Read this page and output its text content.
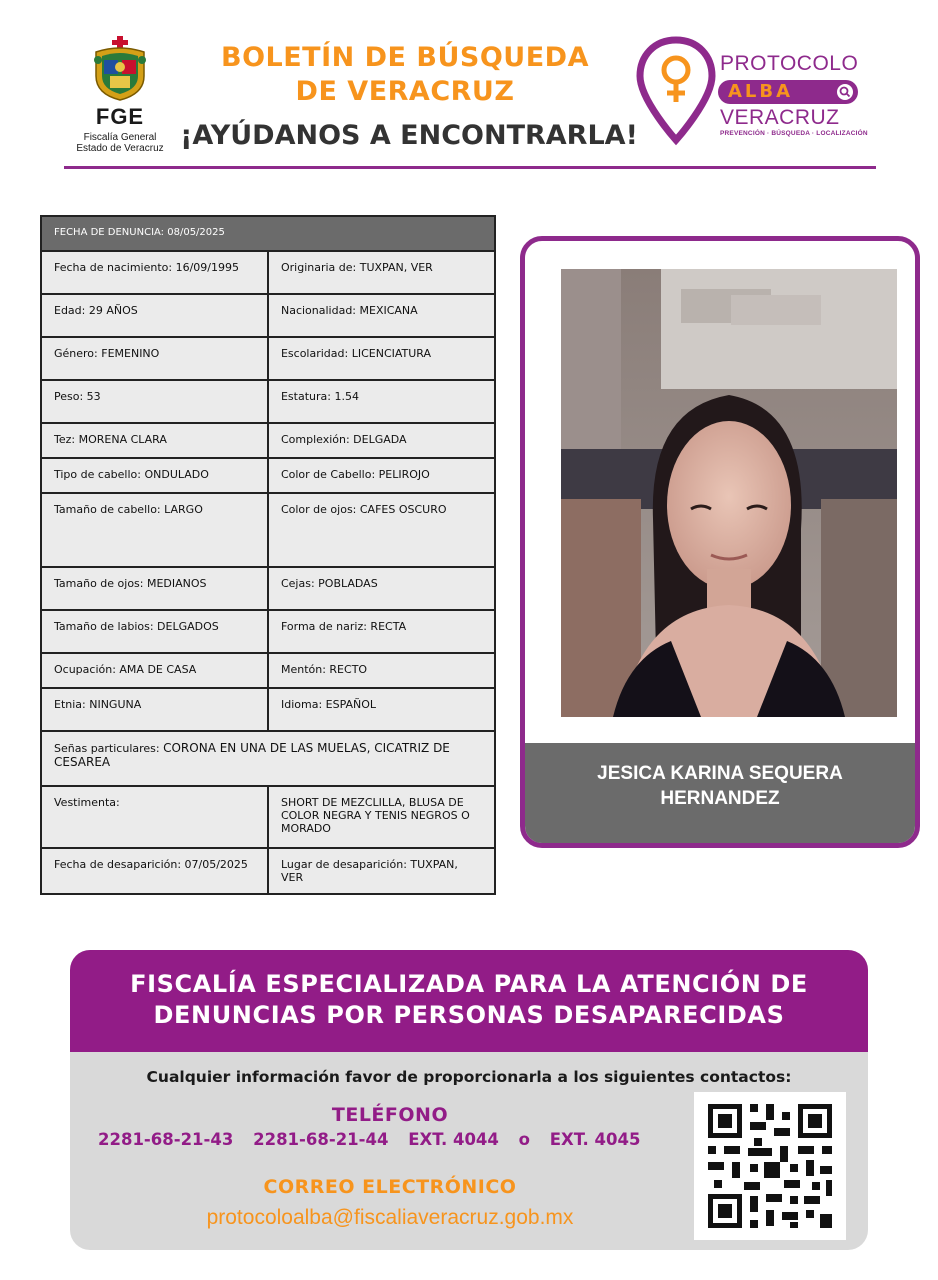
FGE
Fiscalía General
Estado de Veracruz
BOLETÍN DE BÚSQUEDA
DE VERACRUZ
¡AYÚDANOS A ENCONTRARLA!
PROTOCOLO
ALBA
VERACRUZ
PREVENCIÓN · BÚSQUEDA · LOCALIZACIÓN
FECHA DE DENUNCIA: 08/05/2025	
Fecha de nacimiento: 16/09/1995	Originaria de: TUXPAN, VER
Edad: 29 AÑOS	Nacionalidad: MEXICANA
Género: FEMENINO	Escolaridad: LICENCIATURA
Peso: 53	Estatura: 1.54
Tez: MORENA CLARA	Complexión: DELGADA
Tipo de cabello: ONDULADO	Color de Cabello: PELIROJO
Tamaño de cabello: LARGO	Color de ojos: CAFES OSCURO
Tamaño de ojos: MEDIANOS	Cejas: POBLADAS
Tamaño de labios: DELGADOS	Forma de nariz: RECTA
Ocupación: AMA DE CASA	Mentón: RECTO
Etnia: NINGUNA	Idioma: ESPAÑOL
Señas particulares: CORONA EN UNA DE LAS MUELAS, CICATRIZ DE CESAREA	
Vestimenta:	SHORT DE MEZCLILLA, BLUSA DE COLOR NEGRA Y TENIS NEGROS O MORADO
Fecha de desaparición: 07/05/2025	Lugar de desaparición: TUXPAN, VER
JESICA KARINA SEQUERA
HERNANDEZ
FISCALÍA ESPECIALIZADA PARA LA ATENCIÓN DE
DENUNCIAS POR PERSONAS DESAPARECIDAS
Cualquier información favor de proporcionarla a los siguientes contactos:
TELÉFONO
2281-68-21-43 2281-68-21-44 EXT. 4044 o EXT. 4045
CORREO ELECTRÓNICO
protocoloalba@fiscaliaveracruz.gob.mx
